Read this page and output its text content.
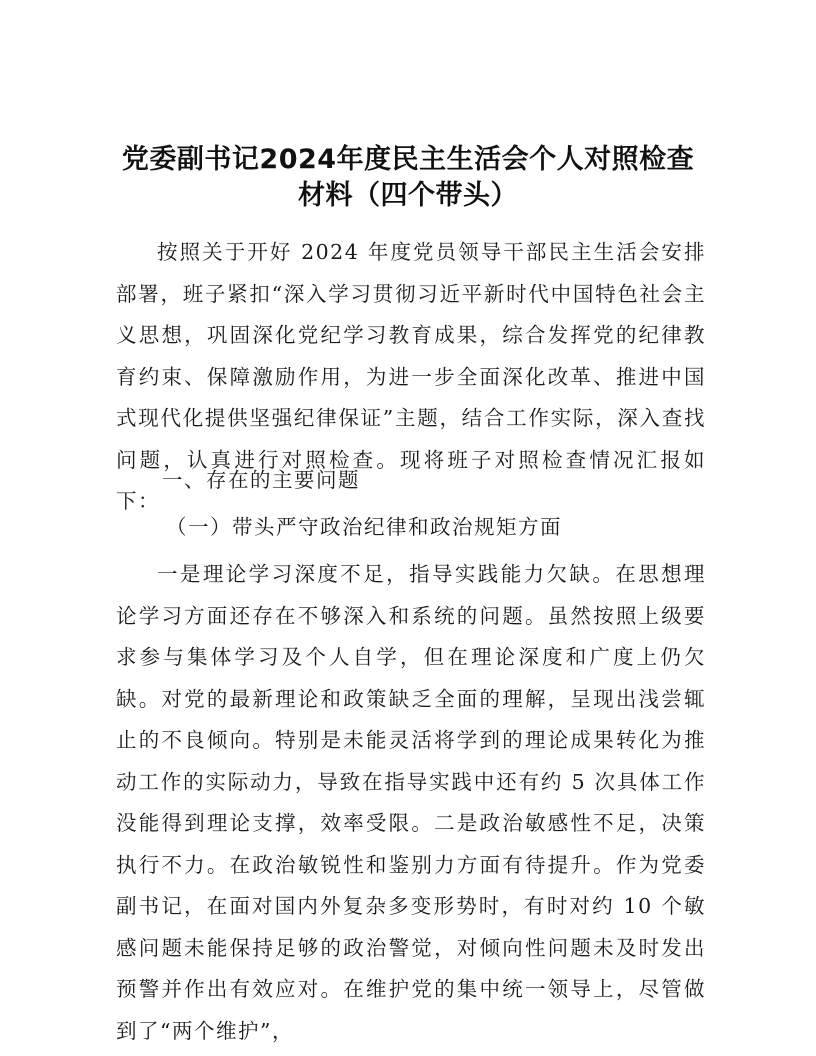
党委副书记2024年度民主生活会个人对照检查
材料（四个带头）

按照关于开好 2024 年度党员领导干部民主生活会安排部署，班子紧扣“深入学习贯彻习近平新时代中国特色社会主义思想，巩固深化党纪学习教育成果，综合发挥党的纪律教育约束、保障激励作用，为进一步全面深化改革、推进中国式现代化提供坚强纪律保证”主题，结合工作实际，深入查找问题，认真进行对照检查。现将班子对照检查情况汇报如下：

一、存在的主要问题

（一）带头严守政治纪律和政治规矩方面

一是理论学习深度不足，指导实践能力欠缺。在思想理论学习方面还存在不够深入和系统的问题。虽然按照上级要求参与集体学习及个人自学，但在理论深度和广度上仍欠缺。对党的最新理论和政策缺乏全面的理解，呈现出浅尝辄止的不良倾向。特别是未能灵活将学到的理论成果转化为推动工作的实际动力，导致在指导实践中还有约 5 次具体工作没能得到理论支撑，效率受限。二是政治敏感性不足，决策执行不力。在政治敏锐性和鉴别力方面有待提升。作为党委副书记，在面对国内外复杂多变形势时，有时对约 10 个敏感问题未能保持足够的政治警觉，对倾向性问题未及时发出预警并作出有效应对。在维护党的集中统一领导上，尽管做到了“两个维护”，
